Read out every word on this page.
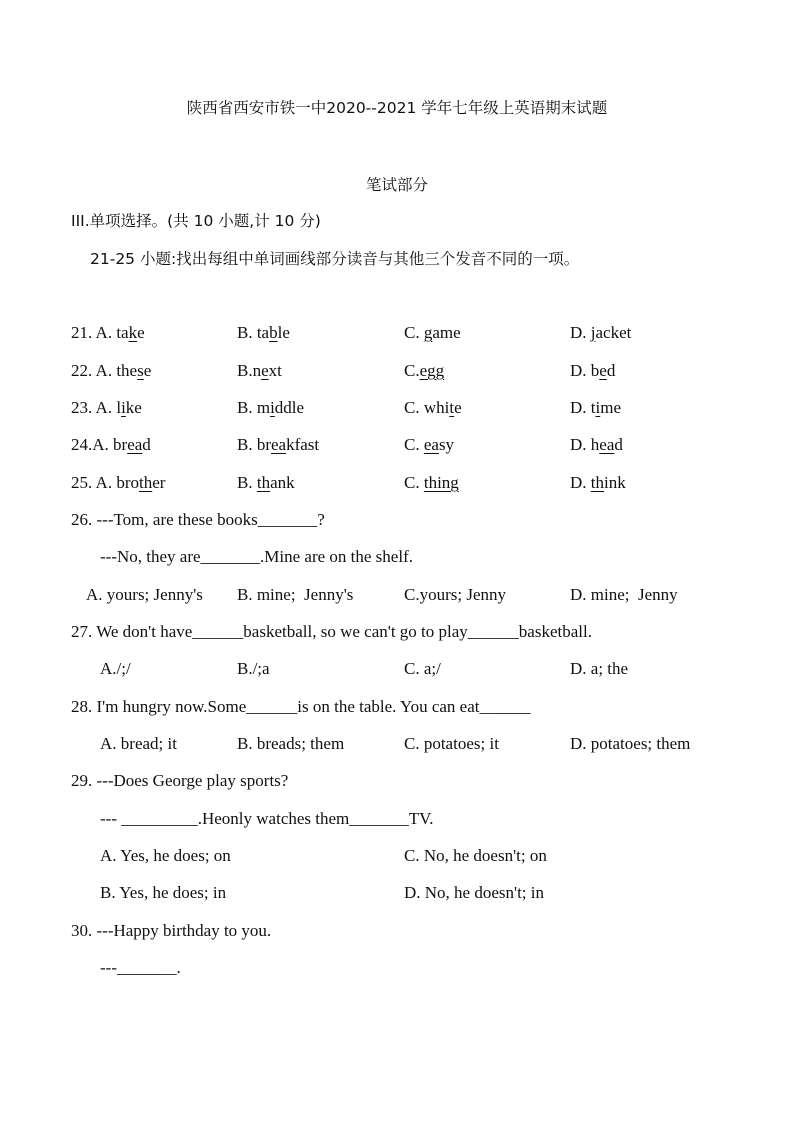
陕西省西安市铁一中2020--2021 学年七年级上英语期末试题
笔试部分
III.单项选择。(共 10 小题,计 10 分)
21-25 小题:找出每组中单词画线部分读音与其他三个发音不同的一项。
21. A. take	B. table	C. game	D. jacket
22. A. these	B.next	C.egg	D. bed
23. A. like	B. middle	C. white	D. time
24.A. bread	B. breakfast	C. easy	D. head
25. A. brother	B. thank	C. thing	D. think
26. ---Tom, are these books_______?
---No, they are_______.Mine are on the shelf.
A. yours; Jenny's B. mine;  Jenny's	C.yours; Jenny	D. mine;  Jenny
27. We don't have______basketball, so we can't go to play______basketball.
A./;/	B./;a	C. a;/	D. a; the
28. I'm hungry now.Some______is on the table. You can eat______
A. bread; it	B. breads; them	C. potatoes; it	D. potatoes; them
29. ---Does George play sports?
--- _________.Heonly watches them_______TV.
A. Yes, he does; on	C. No, he doesn't; on
B. Yes, he does; in	D. No, he doesn't; in
30. ---Happy birthday to you.
---_______.
